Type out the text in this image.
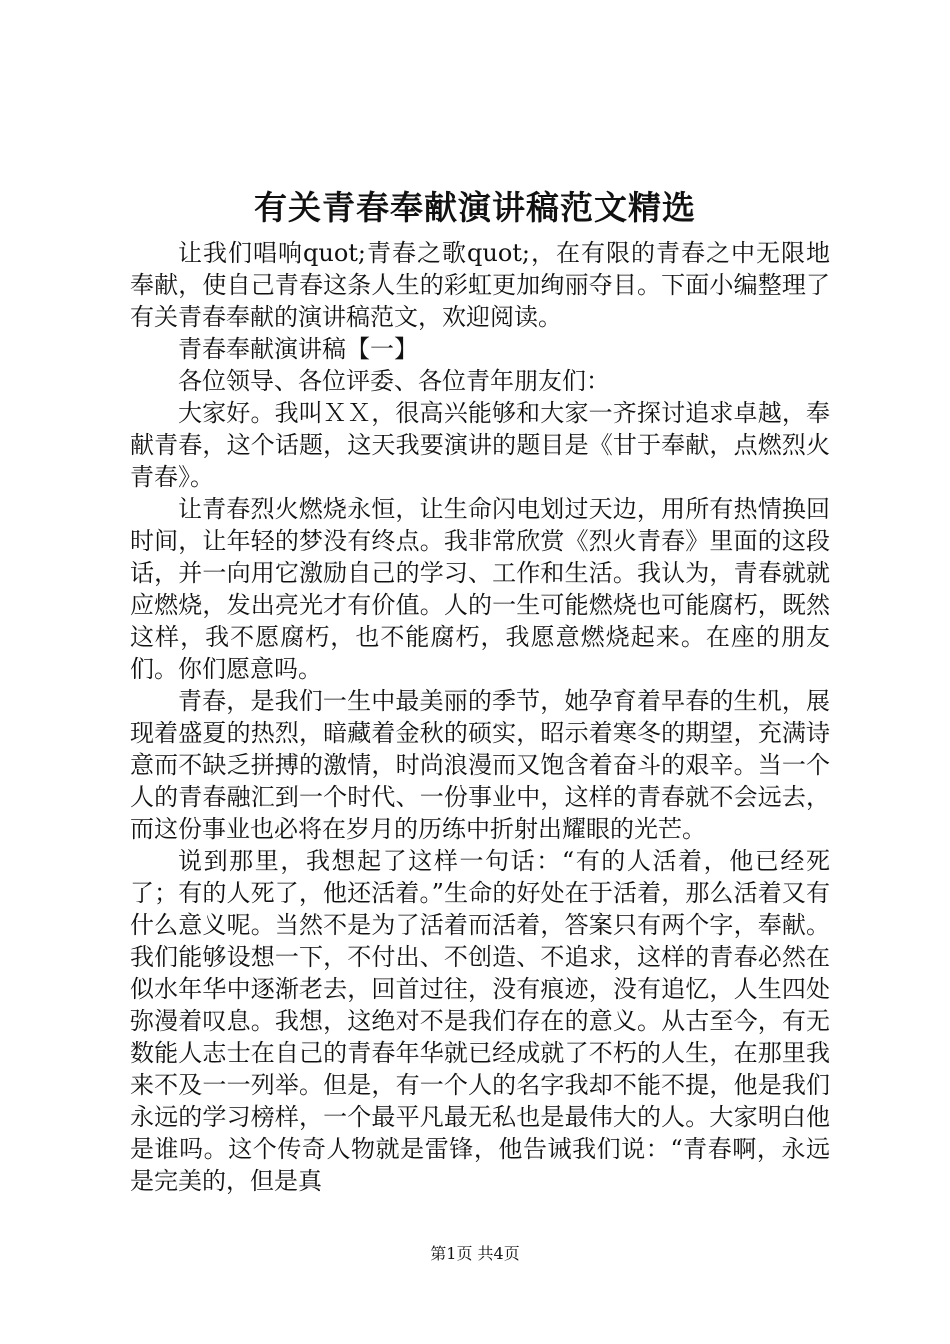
有关青春奉献演讲稿范文精选

让我们唱响quot;青春之歌quot;，在有限的青春之中无限地奉献，使自己青春这条人生的彩虹更加绚丽夺目。下面小编整理了有关青春奉献的演讲稿范文，欢迎阅读。

青春奉献演讲稿【一】

各位领导、各位评委、各位青年朋友们：

大家好。我叫ＸＸ，很高兴能够和大家一齐探讨追求卓越，奉献青春，这个话题，这天我要演讲的题目是《甘于奉献，点燃烈火青春》。

让青春烈火燃烧永恒，让生命闪电划过天边，用所有热情换回时间，让年轻的梦没有终点。我非常欣赏《烈火青春》里面的这段话，并一向用它激励自己的学习、工作和生活。我认为，青春就就应燃烧，发出亮光才有价值。人的一生可能燃烧也可能腐朽，既然这样，我不愿腐朽，也不能腐朽，我愿意燃烧起来。在座的朋友们。你们愿意吗。

青春，是我们一生中最美丽的季节，她孕育着早春的生机，展现着盛夏的热烈，暗藏着金秋的硕实，昭示着寒冬的期望，充满诗意而不缺乏拼搏的激情，时尚浪漫而又饱含着奋斗的艰辛。当一个人的青春融汇到一个时代、一份事业中，这样的青春就不会远去，而这份事业也必将在岁月的历练中折射出耀眼的光芒。

说到那里，我想起了这样一句话：“有的人活着，他已经死了；有的人死了，他还活着。”生命的好处在于活着，那么活着又有什么意义呢。当然不是为了活着而活着，答案只有两个字，奉献。我们能够设想一下，不付出、不创造、不追求，这样的青春必然在似水年华中逐渐老去，回首过往，没有痕迹，没有追忆，人生四处弥漫着叹息。我想，这绝对不是我们存在的意义。从古至今，有无数能人志士在自己的青春年华就已经成就了不朽的人生，在那里我来不及一一列举。但是，有一个人的名字我却不能不提，他是我们永远的学习榜样，一个最平凡最无私也是最伟大的人。大家明白他是谁吗。这个传奇人物就是雷锋，他告诫我们说：“青春啊，永远是完美的，但是真

第1页 共4页
